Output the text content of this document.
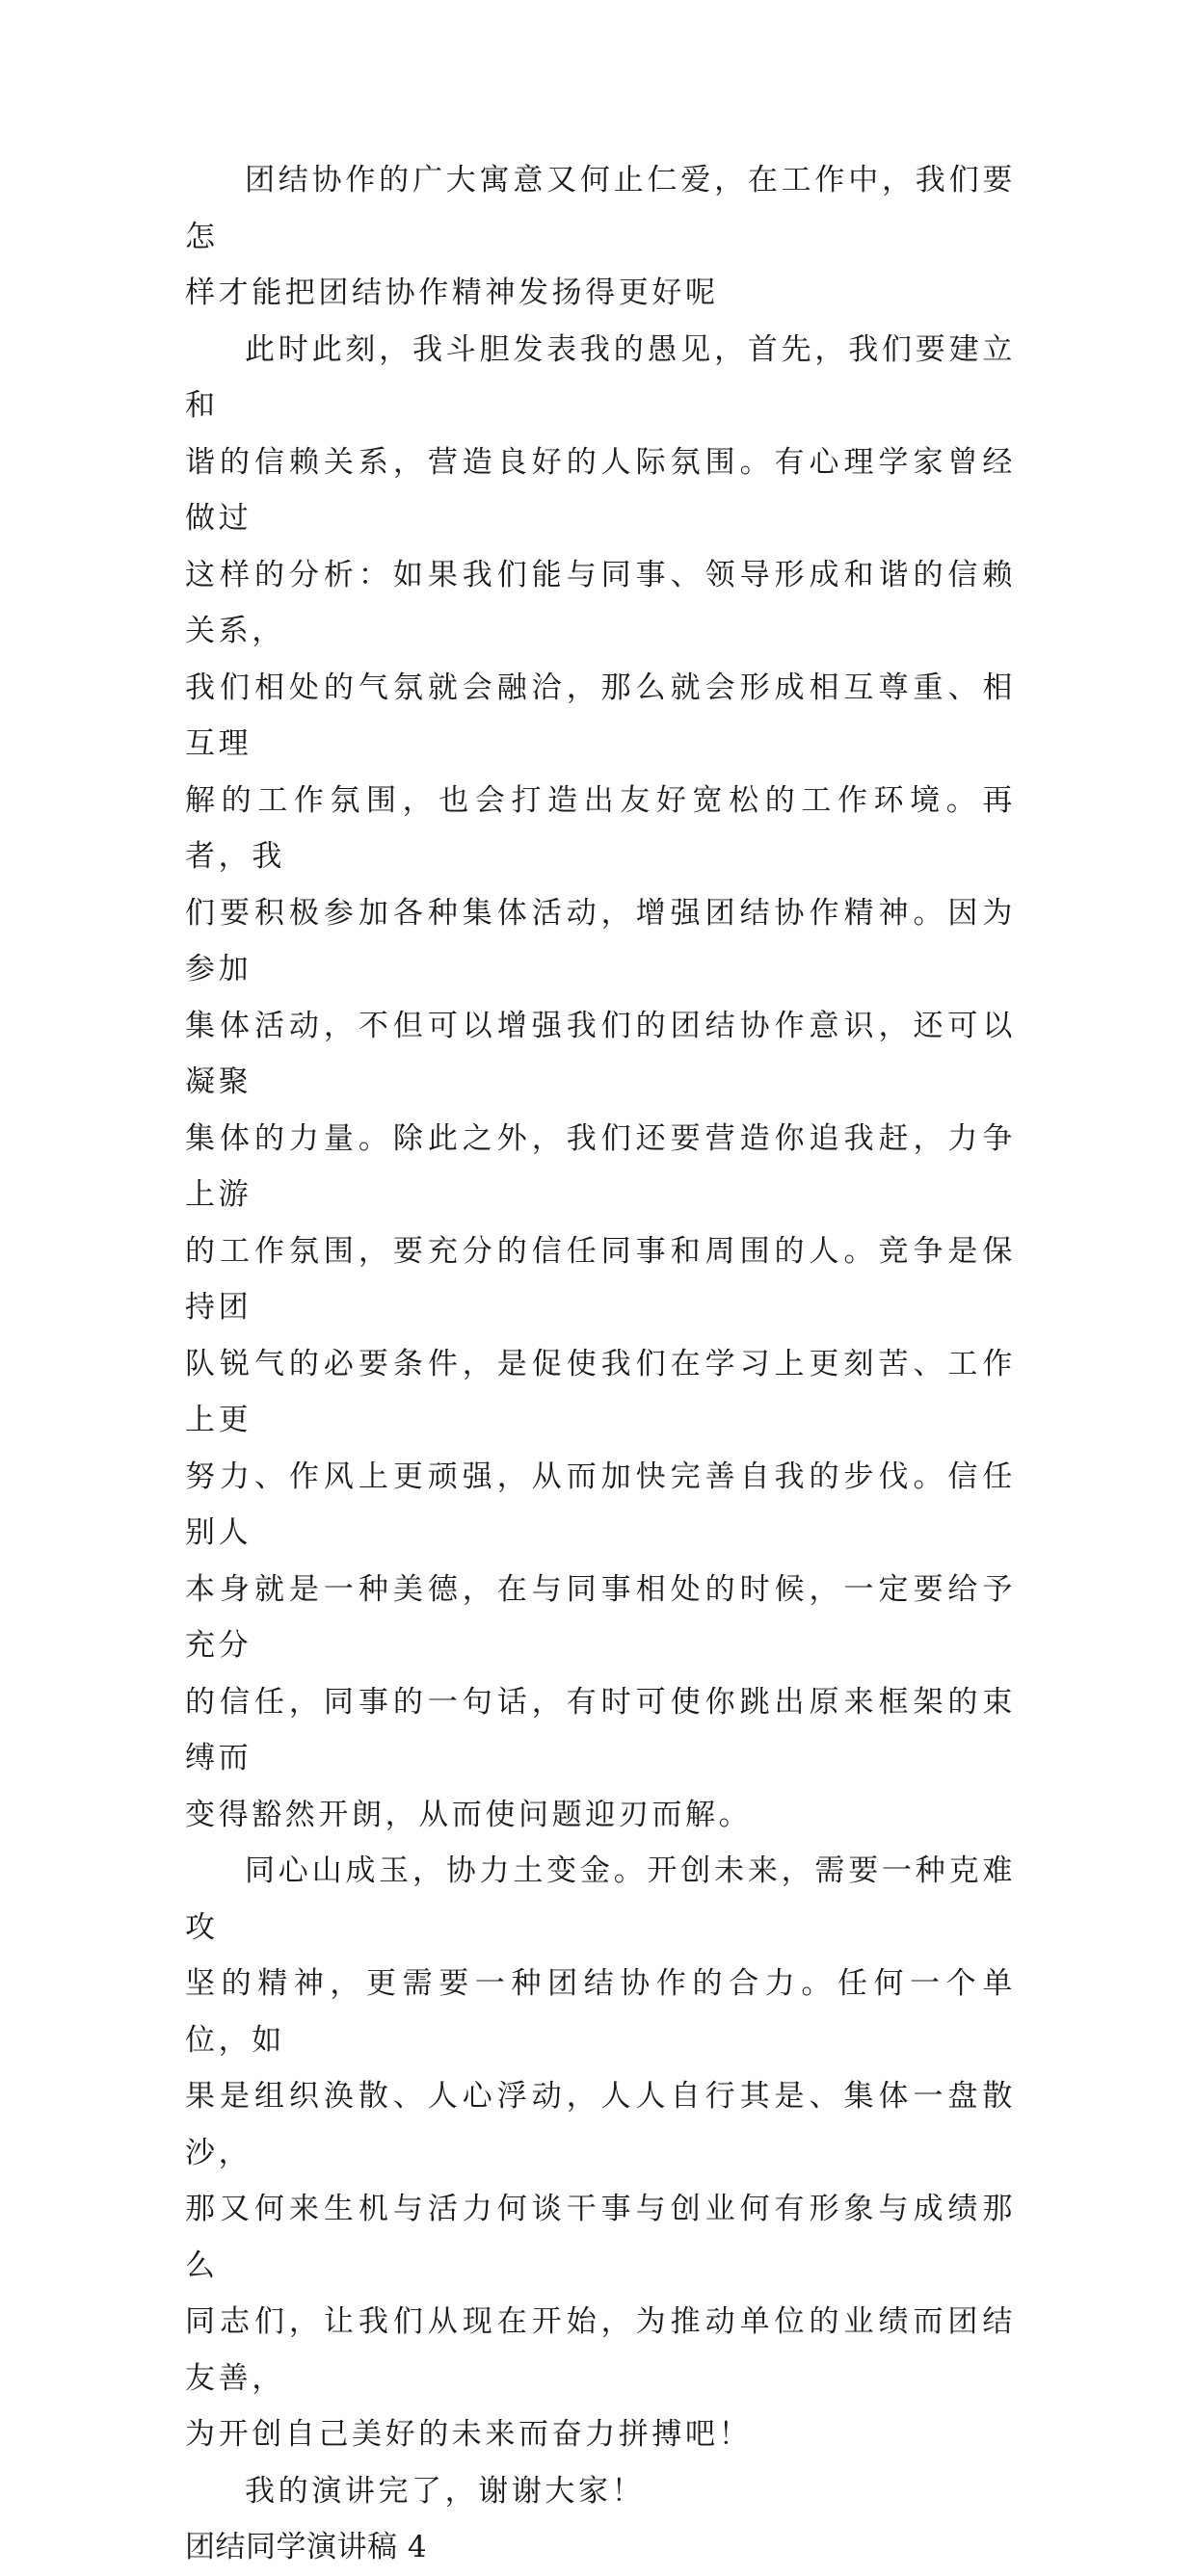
团结协作的广大寓意又何止仁爱，在工作中，我们要怎
样才能把团结协作精神发扬得更好呢

此时此刻，我斗胆发表我的愚见，首先，我们要建立和
谐的信赖关系，营造良好的人际氛围。有心理学家曾经做过
这样的分析：如果我们能与同事、领导形成和谐的信赖关系，
我们相处的气氛就会融洽，那么就会形成相互尊重、相互理
解的工作氛围，也会打造出友好宽松的工作环境。再者，我
们要积极参加各种集体活动，增强团结协作精神。因为参加
集体活动，不但可以增强我们的团结协作意识，还可以凝聚
集体的力量。除此之外，我们还要营造你追我赶，力争上游
的工作氛围，要充分的信任同事和周围的人。竞争是保持团
队锐气的必要条件，是促使我们在学习上更刻苦、工作上更
努力、作风上更顽强，从而加快完善自我的步伐。信任别人
本身就是一种美德，在与同事相处的时候，一定要给予充分
的信任，同事的一句话，有时可使你跳出原来框架的束缚而
变得豁然开朗，从而使问题迎刃而解。

同心山成玉，协力土变金。开创未来，需要一种克难攻
坚的精神，更需要一种团结协作的合力。任何一个单位，如
果是组织涣散、人心浮动，人人自行其是、集体一盘散沙，
那又何来生机与活力何谈干事与创业何有形象与成绩那么
同志们，让我们从现在开始，为推动单位的业绩而团结友善，
为开创自己美好的未来而奋力拼搏吧！

我的演讲完了，谢谢大家！

团结同学演讲稿 4
